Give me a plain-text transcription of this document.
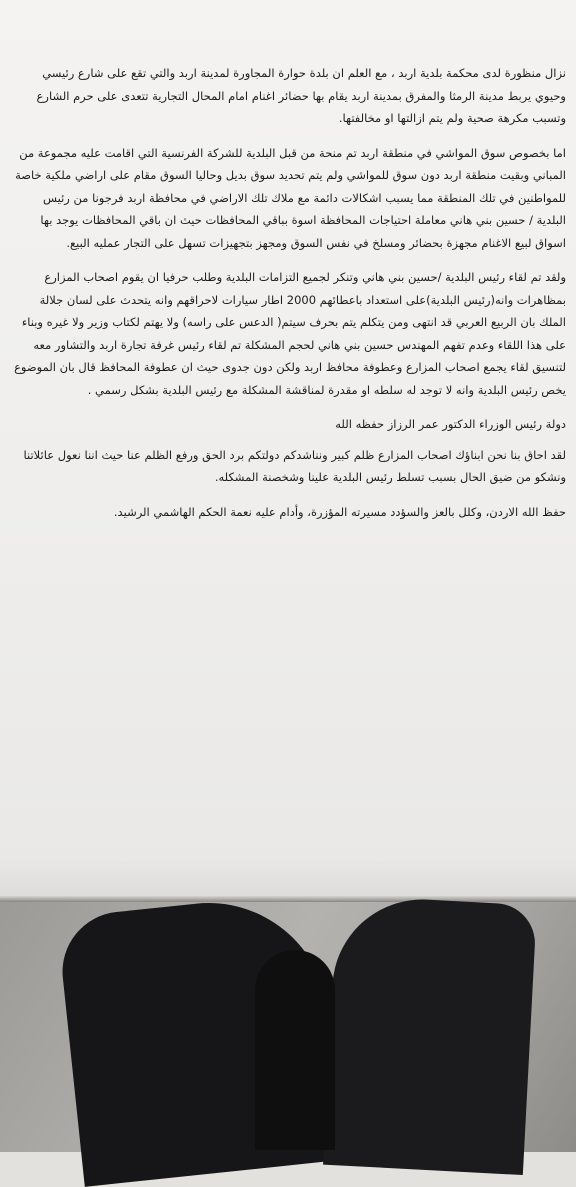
نزال منظورة لدى محكمة بلدية اربد ، مع العلم ان بلدة حوارة المجاورة لمدينة اربد والتي تقع على شارع رئيسي وحيوي يربط مدينة الرمثا والمفرق بمدينة اربد يقام بها حضائر اغنام امام المحال التجارية تتعدى على حرم الشارع وتسبب مكرهة صحية ولم يتم ازالتها او مخالفتها.

اما بخصوص سوق المواشي في منطقة اربد تم منحة من قبل البلدية للشركة الفرنسية التي اقامت عليه مجموعة من المباني وبقيت منطقة اربد دون سوق للمواشي ولم يتم تحديد سوق بديل وحاليا السوق مقام على اراضي ملكية خاصة للمواطنين في تلك المنطقة مما يسبب اشكالات دائمة مع ملاك تلك الاراضي في محافظة اربد فرجونا من رئيس البلدية / حسين بني هاني معاملة احتياجات المحافظة اسوة بباقي المحافظات حيث ان باقي المحافظات يوجد بها اسواق لبيع الاغنام مجهزة بحضائر ومسلخ في نفس السوق ومجهز بتجهيزات تسهل على التجار عمليه البيع.

ولقد تم لقاء رئيس البلدية /حسين بني هاني وتنكر لجميع التزامات البلدية وطلب حرفيا ان يقوم اصحاب المزارع بمظاهرات وانه(رئيس البلدية)على استعداد باعطائهم 2000 اطار سيارات لاحراقهم وانه يتحدث على لسان جلالة الملك بان الربيع العربي قد انتهى ومن يتكلم يتم بحرف سيتم( الدعس على راسه) ولا يهتم لكتاب وزير ولا غيره وبناء على هذا اللقاء وعدم تفهم المهندس حسين بني هاني لحجم المشكلة تم لقاء رئيس غرفة تجارة اربد والتشاور معه لتنسيق لقاء يجمع اصحاب المزارع وعطوفة محافظ اربد ولكن دون جدوى حيث ان عطوفة المحافظ قال بان الموضوع يخص رئيس البلدية وانه لا توجد له سلطه او مقدرة لمناقشة المشكلة مع رئيس البلدية بشكل رسمي .

دولة رئيس الوزراء الدكتور عمر الرزاز حفظه الله

لقد احاق بنا نحن ابناؤك اصحاب المزارع ظلم كبير ونناشدكم دولتكم برد الحق ورفع الظلم عنا حيث اننا نعول عائلاتنا ونشكو من ضيق الحال بسبب تسلط رئيس البلدية علينا وشخصنة المشكله.

حفظ الله الاردن، وكلل بالعز والسؤدد مسيرته المؤزرة، وأدام عليه نعمة الحكم الهاشمي الرشيد.
